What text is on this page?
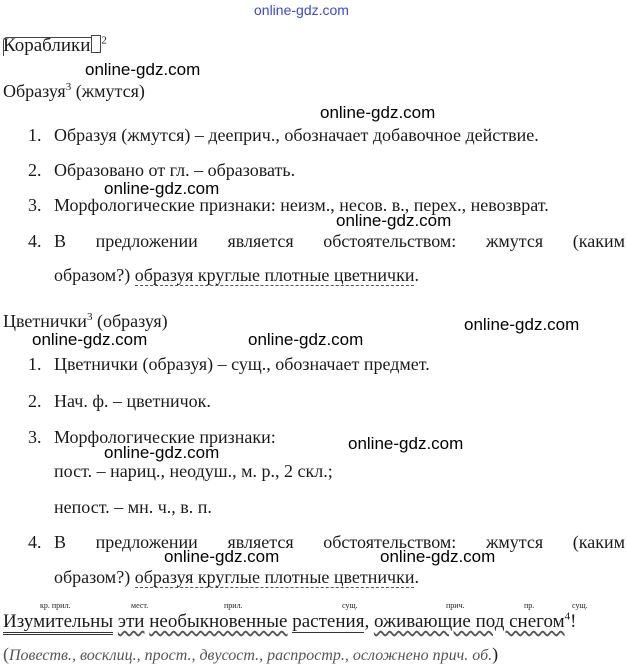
online-gdz.com
Кораблики $^2$
online-gdz.com
Образуя$^3$ (жмутся)
online-gdz.com
1. Образуя (жмутся) – дееприч., обозначает добавочное действие.
2. Образовано от гл. – образовать.
online-gdz.com
3. Морфологические признаки: неизм., несов. в., перех., невозврат.
online-gdz.com
4. В предложении является обстоятельством: жмутся (каким
образом?) образуя круглые плотные цветнички.
Цветнички$^3$ (образуя)	online-gdz.com
online-gdz.com	online-gdz.com
1. Цветнички (образуя) – сущ., обозначает предмет.
2. Нач. ф. – цветничок.
3. Морфологические признаки:	online-gdz.com
online-gdz.com
пост. – нариц., неодуш., м. р., 2 скл.;
непост. – мн. ч., в. п.
4. В предложении является обстоятельством: жмутся (каким
online-gdz.com	online-gdz.com
образом?) образуя круглые плотные цветнички.
кр. прил.	мест.	прил.	сущ.	прич.	пр.	сущ.
Изумительны эти необыкновенные растения, оживающие под снегом$^4$!
(Повеств., восклиц., прост., двусост., распростр., осложнено прич. об.)
